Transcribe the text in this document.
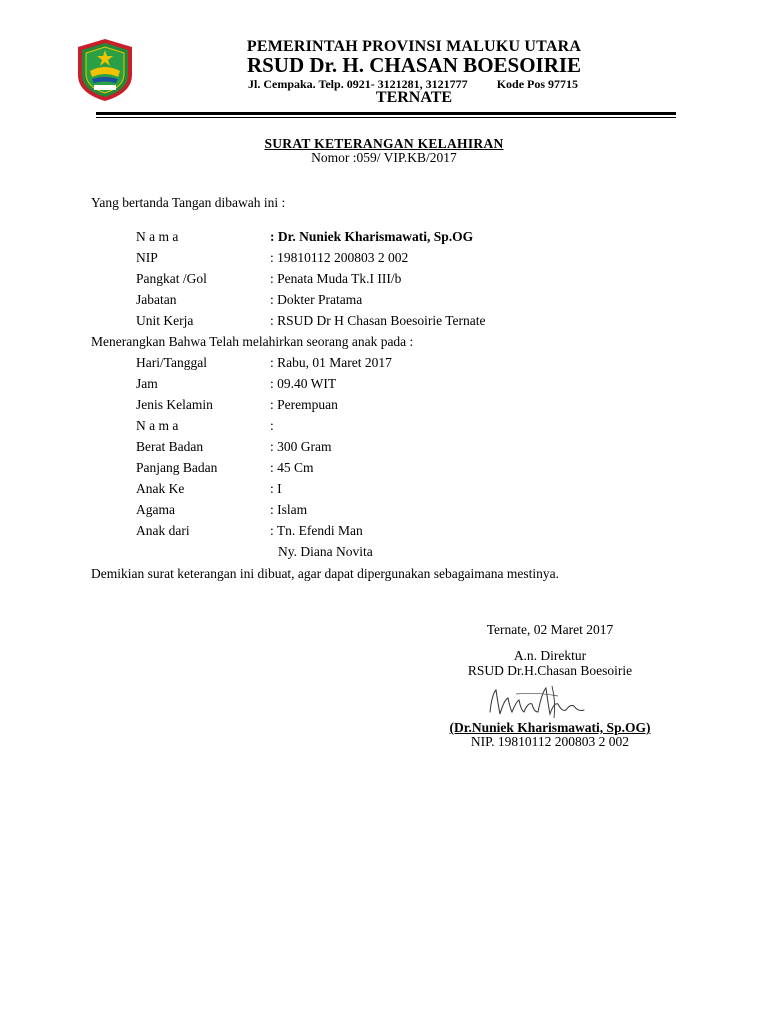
PEMERINTAH PROVINSI MALUKU UTARA
RSUD Dr. H. CHASAN BOESOIRIE
Jl. Cempaka. Telp. 0921- 3121281, 3121777 Kode Pos 97715
TERNATE
SURAT KETERANGAN KELAHIRAN
Nomor :059/ VIP.KB/2017
Yang bertanda Tangan dibawah ini :
N a m a	: Dr. Nuniek Kharismawati, Sp.OG
NIP	: 19810112 200803 2 002
Pangkat /Gol	: Penata Muda Tk.I III/b
Jabatan	: Dokter Pratama
Unit Kerja	: RSUD Dr H Chasan Boesoirie Ternate
Menerangkan Bahwa Telah melahirkan seorang anak pada :
Hari/Tanggal	: Rabu, 01 Maret 2017
Jam	: 09.40 WIT
Jenis Kelamin	: Perempuan
N a m a	:
Berat Badan	: 300 Gram
Panjang Badan	: 45 Cm
Anak Ke	: I
Agama	: Islam
Anak dari	: Tn. Efendi Man
Ny. Diana Novita
Demikian surat keterangan ini dibuat, agar dapat dipergunakan sebagaimana mestinya.
Ternate, 02 Maret 2017
A.n. Direktur
RSUD Dr.H.Chasan Boesoirie
(Dr.Nuniek Kharismawati, Sp.OG)
NIP. 19810112 200803 2 002
